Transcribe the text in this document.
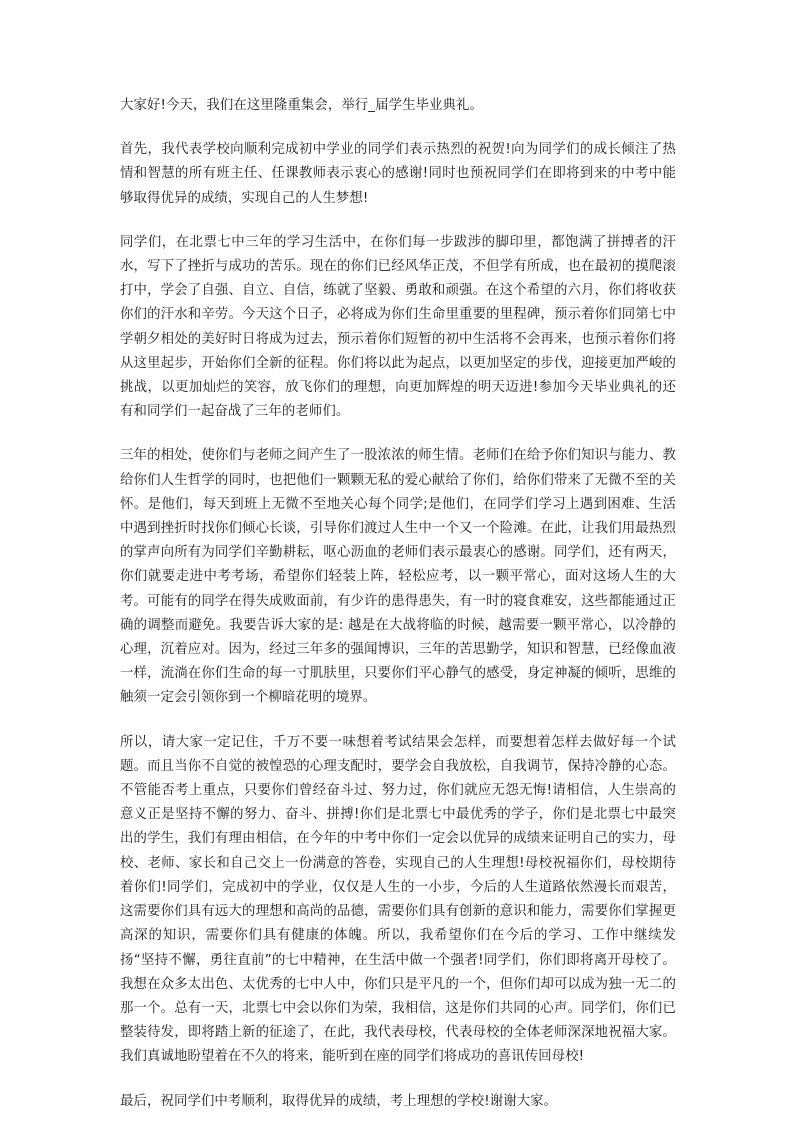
大家好!今天，我们在这里隆重集会，举行_届学生毕业典礼。

首先，我代表学校向顺利完成初中学业的同学们表示热烈的祝贺!向为同学们的成长倾注了热情和智慧的所有班主任、任课教师表示衷心的感谢!同时也预祝同学们在即将到来的中考中能够取得优异的成绩，实现自己的人生梦想!

同学们，在北票七中三年的学习生活中，在你们每一步跋涉的脚印里，都饱满了拼搏者的汗水，写下了挫折与成功的苦乐。现在的你们已经风华正茂，不但学有所成，也在最初的摸爬滚打中，学会了自强、自立、自信，练就了坚毅、勇敢和顽强。在这个希望的六月，你们将收获你们的汗水和辛劳。今天这个日子，必将成为你们生命里重要的里程碑，预示着你们同第七中学朝夕相处的美好时日将成为过去，预示着你们短暂的初中生活将不会再来，也预示着你们将从这里起步，开始你们全新的征程。你们将以此为起点，以更加坚定的步伐，迎接更加严峻的挑战，以更加灿烂的笑容，放飞你们的理想，向更加辉煌的明天迈进!参加今天毕业典礼的还有和同学们一起奋战了三年的老师们。

三年的相处，使你们与老师之间产生了一股浓浓的师生情。老师们在给予你们知识与能力、教给你们人生哲学的同时，也把他们一颗颗无私的爱心献给了你们，给你们带来了无微不至的关怀。是他们，每天到班上无微不至地关心每个同学;是他们，在同学们学习上遇到困难、生活中遇到挫折时找你们倾心长谈，引导你们渡过人生中一个又一个险滩。在此，让我们用最热烈的掌声向所有为同学们辛勤耕耘，呕心沥血的老师们表示最衷心的感谢。同学们，还有两天，你们就要走进中考考场，希望你们轻装上阵，轻松应考，以一颗平常心，面对这场人生的大考。可能有的同学在得失成败面前，有少许的患得患失，有一时的寝食难安，这些都能通过正确的调整而避免。我要告诉大家的是: 越是在大战将临的时候，越需要一颗平常心，以冷静的心理，沉着应对。因为，经过三年多的强闻博识，三年的苦思勤学，知识和智慧，已经像血液一样，流淌在你们生命的每一寸肌肤里，只要你们平心静气的感受，身定神凝的倾听，思维的触须一定会引领你到一个柳暗花明的境界。

所以，请大家一定记住，千万不要一味想着考试结果会怎样，而要想着怎样去做好每一个试题。而且当你不自觉的被惶恐的心理支配时，要学会自我放松，自我调节，保持冷静的心态。不管能否考上重点，只要你们曾经奋斗过、努力过，你们就应无怨无悔!请相信，人生崇高的意义正是坚持不懈的努力、奋斗、拼搏!你们是北票七中最优秀的学子，你们是北票七中最突出的学生，我们有理由相信，在今年的中考中你们一定会以优异的成绩来证明自己的实力，母校、老师、家长和自己交上一份满意的答卷，实现自己的人生理想!母校祝福你们，母校期待着你们!同学们，完成初中的学业，仅仅是人生的一小步，今后的人生道路依然漫长而艰苦，这需要你们具有远大的理想和高尚的品德，需要你们具有创新的意识和能力，需要你们掌握更高深的知识，需要你们具有健康的体魄。所以，我希望你们在今后的学习、工作中继续发扬“坚持不懈，勇往直前”的七中精神，在生活中做一个强者!同学们，你们即将离开母校了。我想在众多太出色、太优秀的七中人中，你们只是平凡的一个，但你们却可以成为独一无二的那一个。总有一天，北票七中会以你们为荣，我相信，这是你们共同的心声。同学们，你们已整装待发，即将踏上新的征途了，在此，我代表母校，代表母校的全体老师深深地祝福大家。我们真诚地盼望着在不久的将来，能听到在座的同学们将成功的喜讯传回母校!

最后，祝同学们中考顺利，取得优异的成绩，考上理想的学校!谢谢大家。
